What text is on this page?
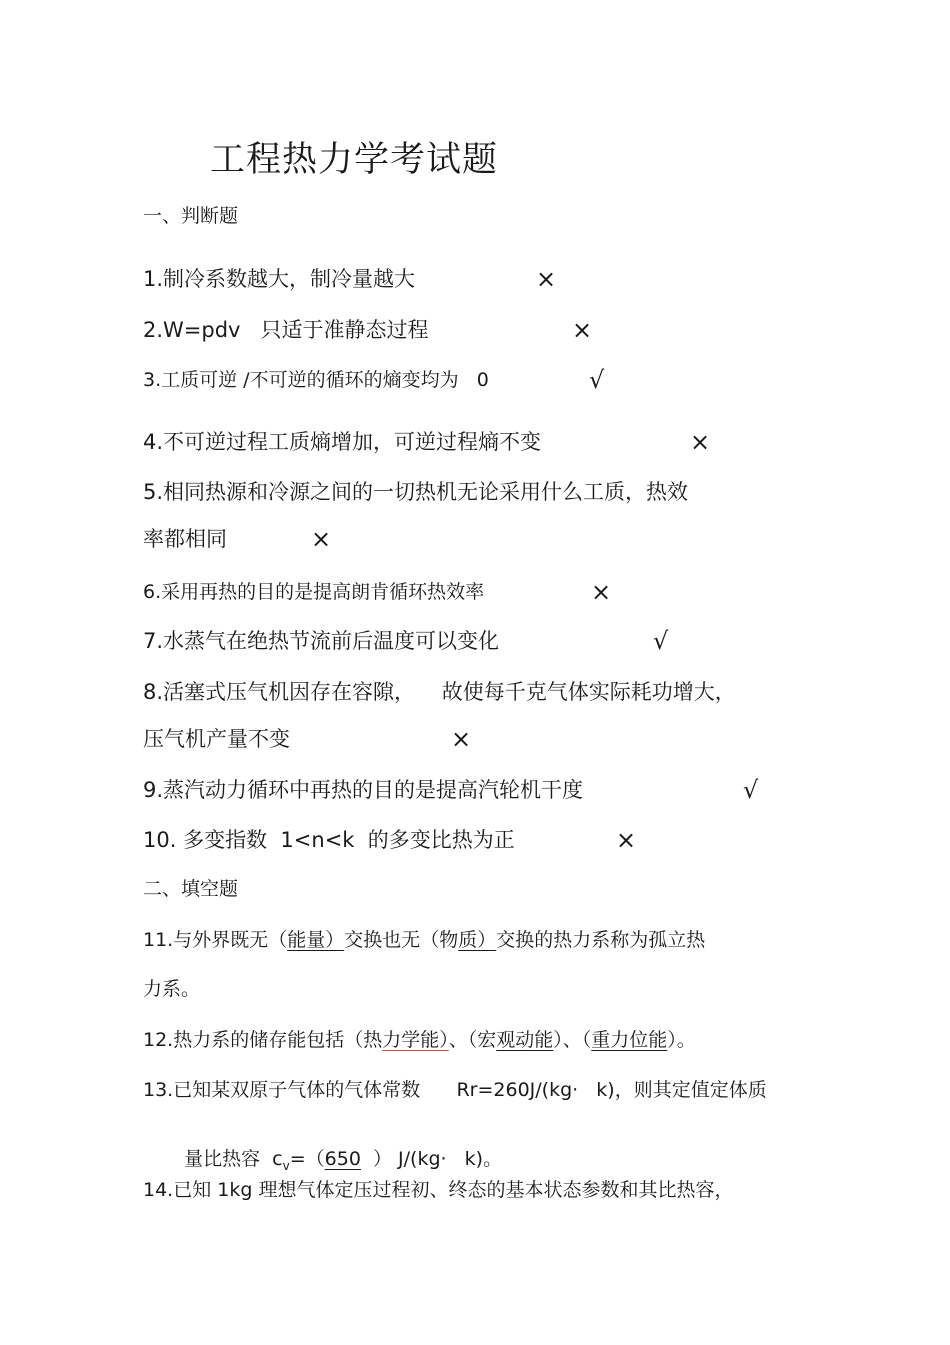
工程热力学考试题
一、判断题
1.制冷系数越大，制冷量越大	×
2.W=pdv   只适于准静态过程	×
3.工质可逆 /不可逆的循环的熵变均为   0	√
4.不可逆过程工质熵增加，可逆过程熵不变	×
5.相同热源和冷源之间的一切热机无论采用什么工质，热效
率都相同	×
6.采用再热的目的是提高朗肯循环热效率	×
7.水蒸气在绝热节流前后温度可以变化	√
8.活塞式压气机因存在容隙，    故使每千克气体实际耗功增大，
压气机产量不变	×
9.蒸汽动力循环中再热的目的是提高汽轮机干度	√
10. 多变指数  1<n<k  的多变比热为正	×
二、填空题
11.与外界既无（能量）交换也无（物质）交换的热力系称为孤立热
力系。
12.热力系的储存能包括（热力学能）、（宏观动能）、（重力位能）。
13.已知某双原子气体的气体常数      Rr=260J/(kg·   k)，则其定值定体质

量比热容  $c_v=(650$  ） J/(kg·   k)。

14.已知 1kg 理想气体定压过程初、终态的基本状态参数和其比热容，
